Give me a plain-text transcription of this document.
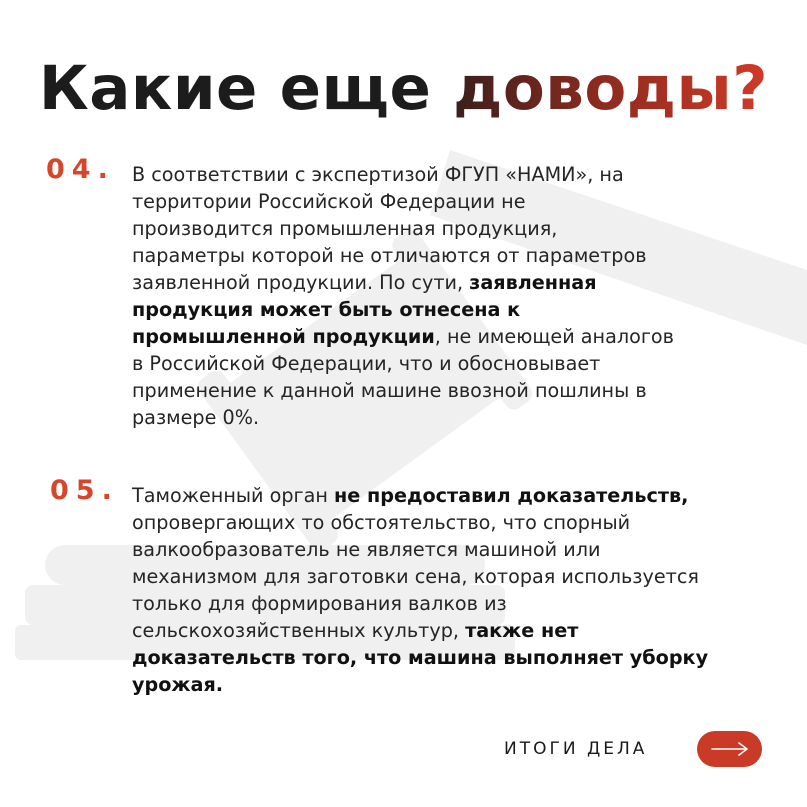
Какие еще доводы?
04. В соответствии с экспертизой ФГУП «НАМИ», на
территории Российской Федерации не
производится промышленная продукция,
параметры которой не отличаются от параметров
заявленной продукции. По сути, заявленная
продукция может быть отнесена к
промышленной продукции, не имеющей аналогов
в Российской Федерации, что и обосновывает
применение к данной машине ввозной пошлины в
размере 0%.
05. Таможенный орган не предоставил доказательств,
опровергающих то обстоятельство, что спорный
валкообразователь не является машиной или
механизмом для заготовки сена, которая используется
только для формирования валков из
сельскохозяйственных культур, также нет
доказательств того, что машина выполняет уборку
урожая.
ИТОГИ ДЕЛА
